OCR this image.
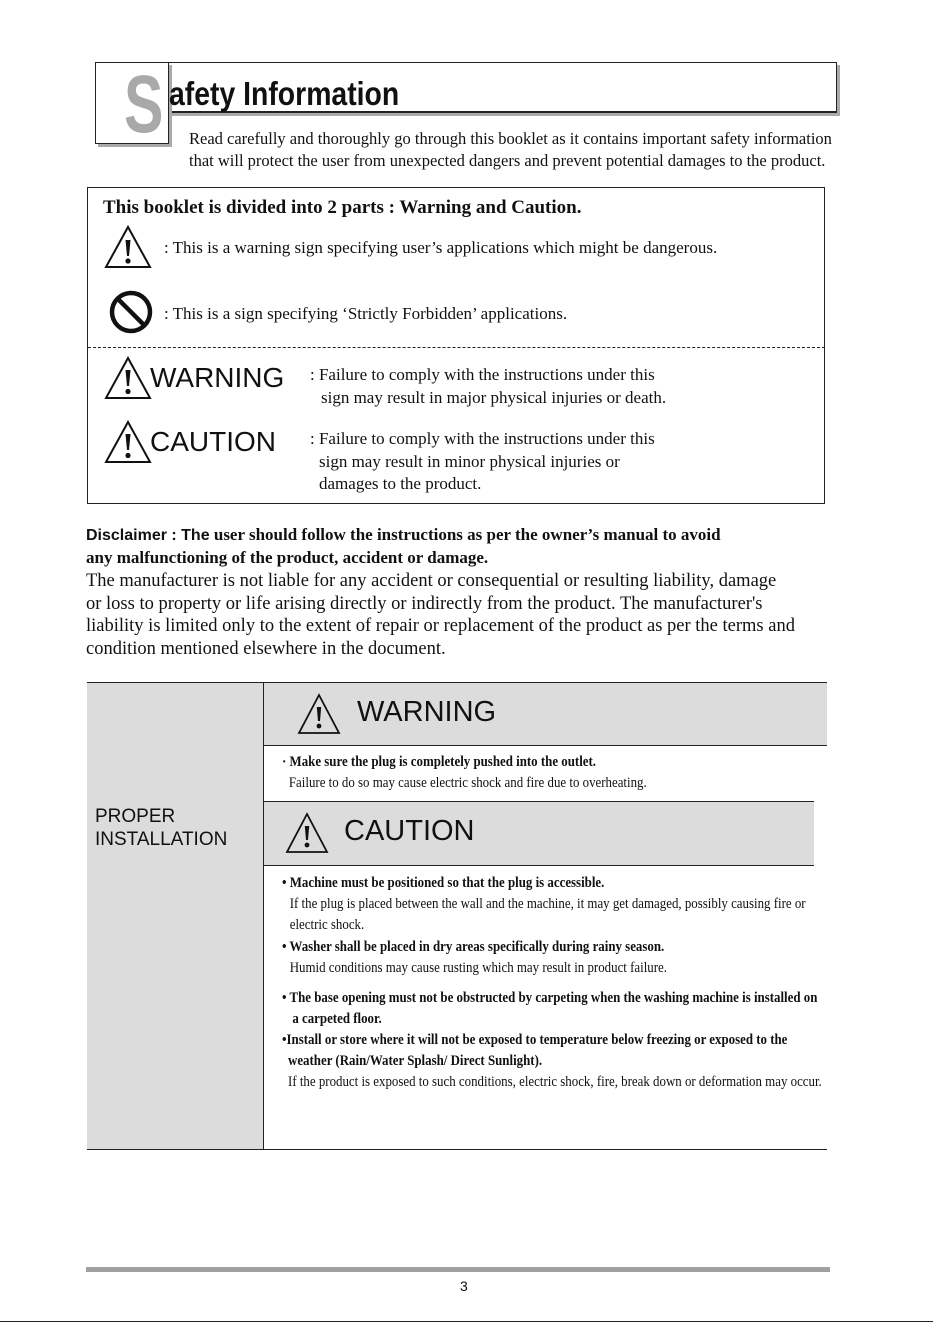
S afety Information
Read carefully and thoroughly go through this booklet as it contains important safety information
that will protect the user from unexpected dangers and prevent potential damages to the product.
This booklet is divided into 2 parts : Warning and Caution.
: This is a warning sign specifying user’s applications which might be dangerous.
: This is a sign specifying ‘Strictly Forbidden’ applications.
WARNING : Failure to comply with the instructions under this
sign may result in major physical injuries or death.
CAUTION : Failure to comply with the instructions under this
sign may result in minor physical injuries or
damages to the product.
Disclaimer : The user should follow the instructions as per the owner’s manual to avoid
any malfunctioning of the product, accident or damage.
The manufacturer is not liable for any accident or consequential or resulting liability, damage
or loss to property or life arising directly or indirectly from the product. The manufacturer's
liability is limited only to the extent of repair or replacement of the product as per the terms and
condition mentioned elsewhere in the document.
PROPER
INSTALLATION
WARNING
· Make sure the plug is completely pushed into the outlet.
Failure to do so may cause electric shock and fire due to overheating.
CAUTION
• Machine must be positioned so that the plug is accessible.
If the plug is placed between the wall and the machine, it may get damaged, possibly causing fire or
electric shock.
• Washer shall be placed in dry areas specifically during rainy season.
Humid conditions may cause rusting which may result in product failure.
• The base opening must not be obstructed by carpeting when the washing machine is installed on
a carpeted floor.
•Install or store where it will not be exposed to temperature below freezing or exposed to the
weather (Rain/Water Splash/ Direct Sunlight).
If the product is exposed to such conditions, electric shock, fire, break down or deformation may occur.
3
